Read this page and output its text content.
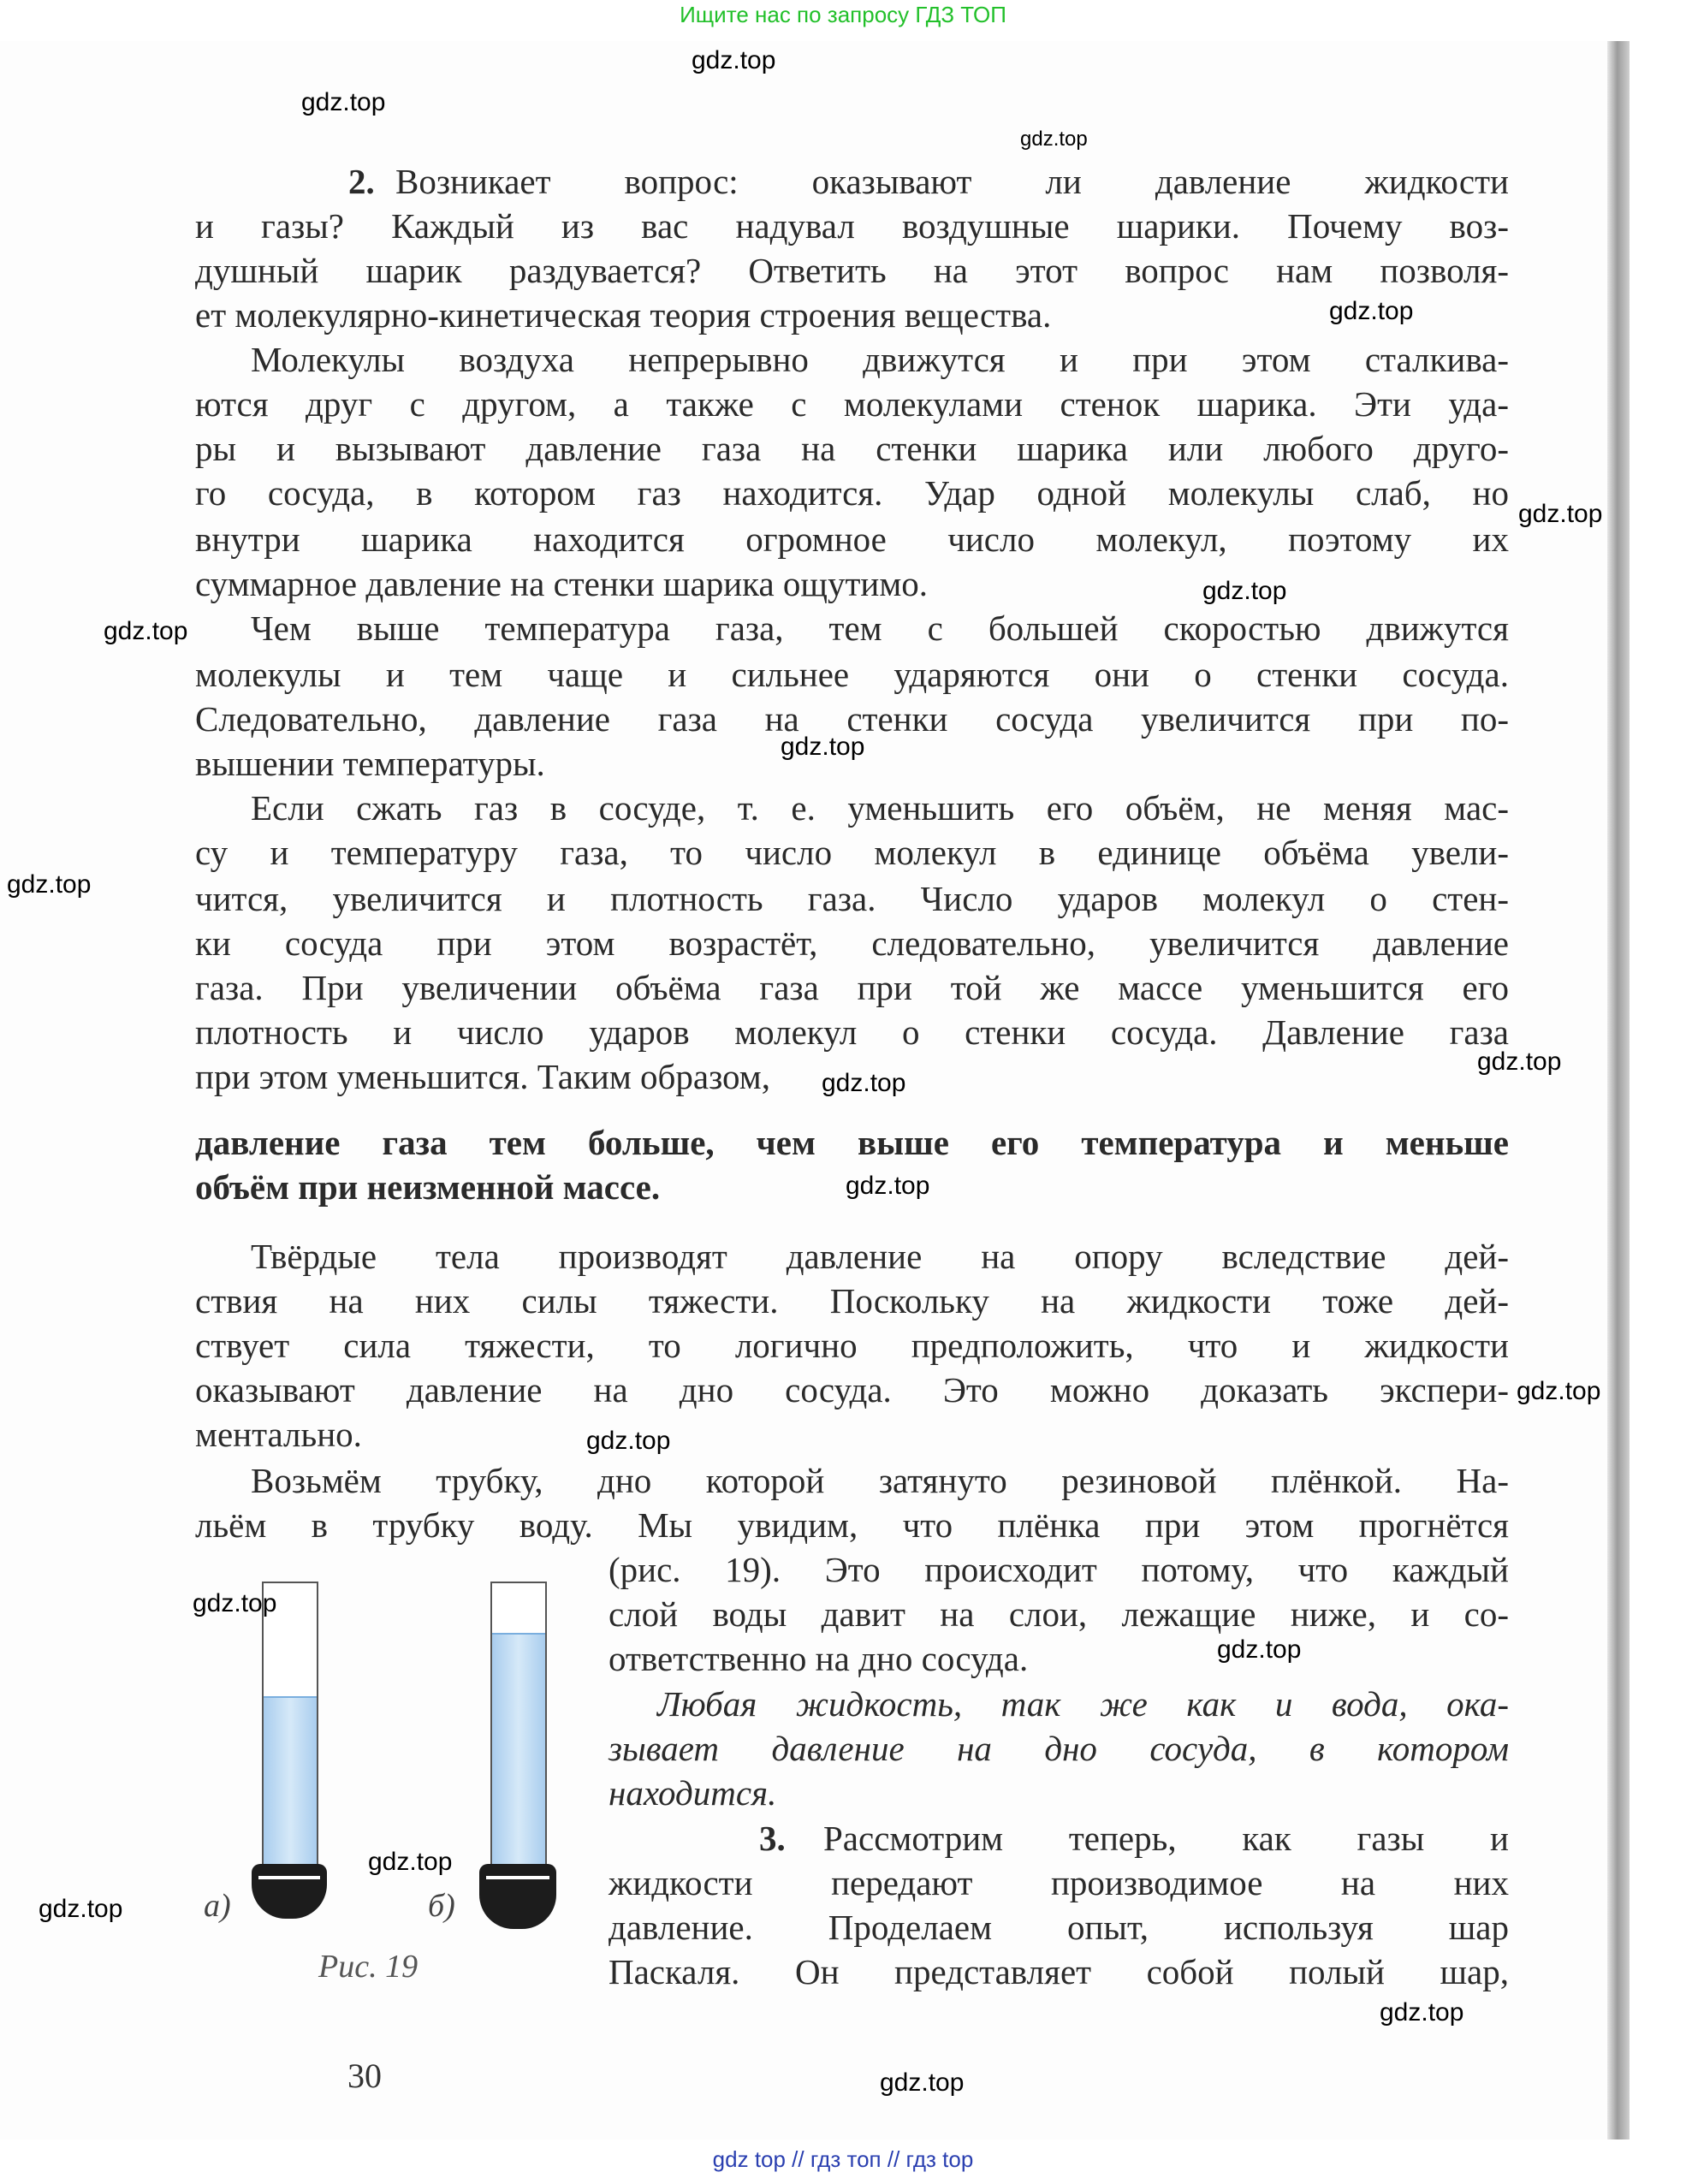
Ищите нас по запросу ГДЗ ТОП
Возникает вопрос: оказывают ли давление жидкости
и газы? Каждый из вас надувал воздушные шарики. Почему воз-
душный шарик раздувается? Ответить на этот вопрос нам позволя-
ет молекулярно-кинетическая теория строения вещества.
Молекулы воздуха непрерывно движутся и при этом сталкива-
ются друг с другом, а также с молекулами стенок шарика. Эти уда-
ры и вызывают давление газа на стенки шарика или любого друго-
го сосуда, в котором газ находится. Удар одной молекулы слаб, но
внутри шарика находится огромное число молекул, поэтому их
суммарное давление на стенки шарика ощутимо.
Чем выше температура газа, тем с большей скоростью движутся
молекулы и тем чаще и сильнее ударяются они о стенки сосуда.
Следовательно, давление газа на стенки сосуда увеличится при по-
вышении температуры.
Если сжать газ в сосуде, т. е. уменьшить его объём, не меняя мас-
су и температуру газа, то число молекул в единице объёма увели-
чится, увеличится и плотность газа. Число ударов молекул о стен-
ки сосуда при этом возрастёт, следовательно, увеличится давление
газа. При увеличении объёма газа при той же массе уменьшится его
плотность и число ударов молекул о стенки сосуда. Давление газа
при этом уменьшится. Таким образом,
давление газа тем больше, чем выше его температура и меньше
объём при неизменной массе.
Твёрдые тела производят давление на опору вследствие дей-
ствия на них силы тяжести. Поскольку на жидкости тоже дей-
ствует сила тяжести, то логично предположить, что и жидкости
оказывают давление на дно сосуда. Это можно доказать экспери-
ментально.
Возьмём трубку, дно которой затянуто резиновой плёнкой. На-
льём в трубку воду. Мы увидим, что плёнка при этом прогнётся
(рис. 19). Это происходит потому, что каждый
слой воды давит на слои, лежащие ниже, и со-
ответственно на дно сосуда.
Любая жидкость, так же как и вода, ока-
зывает давление на дно сосуда, в котором
находится.
Рассмотрим теперь, как газы и
жидкости передают производимое на них
давление. Проделаем опыт, используя шар
Паскаля. Он представляет собой полый шар,
2.
3.
а)	б)
Рис. 19
30
gdz.top
gdz.top
gdz.top
gdz.top
gdz.top
gdz.top
gdz.top
gdz.top
gdz.top
gdz.top
gdz.top
gdz.top
gdz.top
gdz.top
gdz.top
gdz.top
gdz.top
gdz.top
gdz.top
gdz.top
gdz top // гдз топ // гдз top
